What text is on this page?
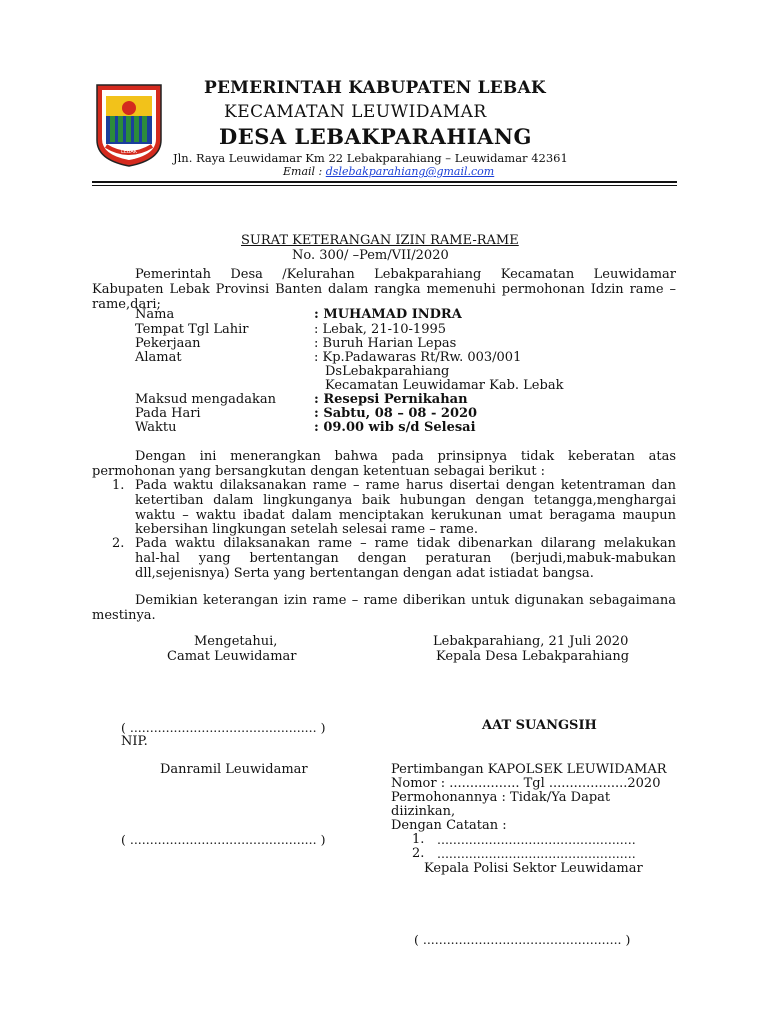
LEBAK
PEMERINTAH KABUPATEN LEBAK
KECAMATAN LEUWIDAMAR
DESA LEBAKPARAHIANG
Jln. Raya Leuwidamar Km 22 Lebakparahiang – Leuwidamar 42361
Email : dslebakparahiang@gmail.com
SURAT KETERANGAN IZIN RAME-RAME
No. 300/ –Pem/VII/2020
Pemerintah Desa /Kelurahan Lebakparahiang Kecamatan Leuwidamar
Kabupaten Lebak Provinsi Banten dalam rangka memenuhi permohonan Idzin rame –
rame,dari;
Nama	: MUHAMAD INDRA
Tempat Tgl Lahir	: Lebak, 21-10-1995
Pekerjaan	: Buruh Harian Lepas
Alamat	: Kp.Padawaras Rt/Rw. 003/001
DsLebakparahiang
Kecamatan Leuwidamar Kab. Lebak
Maksud mengadakan	: Resepsi Pernikahan
Pada Hari	: Sabtu, 08 – 08 - 2020
Waktu	: 09.00 wib s/d Selesai
Dengan ini menerangkan bahwa pada prinsipnya tidak keberatan atas
permohonan yang bersangkutan dengan ketentuan sebagai berikut :
1. Pada waktu dilaksanakan rame – rame harus disertai dengan ketentraman dan
ketertiban dalam lingkunganya baik hubungan dengan tetangga,menghargai
waktu – waktu ibadat dalam menciptakan kerukunan umat beragama maupun
kebersihan lingkungan setelah selesai rame – rame.
2. Pada waktu dilaksanakan rame – rame tidak dibenarkan dilarang melakukan
hal-hal yang bertentangan dengan peraturan (berjudi,mabuk-mabukan
dll,sejenisnya) Serta yang bertentangan dengan adat istiadat bangsa.
Demikian keterangan izin rame – rame diberikan untuk digunakan sebagaimana
mestinya.
Mengetahui,
Camat Leuwidamar
Lebakparahiang, 21 Juli 2020
Kepala Desa Lebakparahiang
( ............................................... )
NIP.
AAT SUANGSIH
Danramil Leuwidamar
( ............................................... )
Pertimbangan KAPOLSEK LEUWIDAMAR
Nomor : ................. Tgl ...................2020
Permohonannya : Tidak/Ya Dapat
diizinkan,
Dengan Catatan :
1. ..................................................
2. ..................................................
Kepala Polisi Sektor Leuwidamar
( .................................................. )
